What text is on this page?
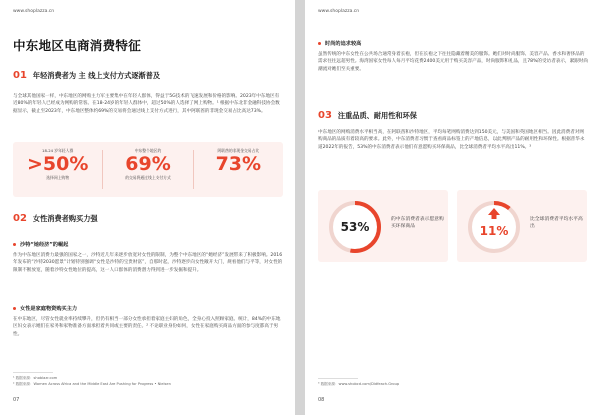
www.shoplazza.cn
中东地区电商消费特征
01 年轻消费者为 主 线上支付方式逐渐普及
与全球其他国家一样，中东地区的网购主力军主要集中在年轻人群体，得益于5G技术的飞速发展和价格的影响。2023年中东地区有近80%的年轻人已经成为网购的常客。在18-24岁的年轻人群体中，超过50%的人选择了网上购物。¹ 根据中东北非金融科技协会数据显示，截止至2023年，中东地区整体约69%的交易将会通过线上支付方式进行，其中阿联酋的非现金交易占比高达73%。
18-24 岁年轻人群
>50%
选择网上购物
中东整个地区约
69%
的交易将通过线上支付方式
阿联酋的非现金交易占比
73%
02 女性消费者购买力强
沙特“她经济”的崛起
作为中东地区消费力最强的国家之一，沙特近几年来逐步放宽对女性的限制，为整个中东地区的“她经济”发展带来了积极影响。2016年发布的“沙特2030愿景”计划特别强调“女性是沙特的宝贵财富”，自那时起，沙特逐步向女性敞开大门，规看他们与平等，对女性的限制不断放宽，随着沙特女性地位的提高，这一人口群体的消费潜力得到进一步发掘和提升。
女性是家庭物资购买主力
在中东地区，尽管女性就业率持续攀升，但仍有相当一部分女性承担着家庭主妇的角色，全身心投入照顾家庭。统计，84%的中东地区妇女表示她们在家务和家物准备方面承担着共同或主要的责任。² 不论职业身份如何，女性在家庭购买商品方面的参与度都高于男性。
¹ 数据来源：shoblazr.com
² 数据来源：Women Across Africa and the Middle East Are Pushing for Progress • Nielsen
07
www.shoplazza.cn
时尚的追求较高
虽然传统的中东女性在公共场合通常身着长袍，但在长袍之下往往隐藏着精美的服饰。她们对时尚服饰、美容产品、香水和奢侈品的需求往往远超男性。海湾国家女性每人每月平均花费2400美元用于购买美容产品，时尚服饰和礼品，且78%的受访者表示，紧跟时尚潮流对她们至关重要。
03 注重品质、耐用性和环保
中东地区的网购消费水平相当高，在阿联酋和沙特地区，平均每笔网购消费达到150美元，与美国和英国地区相当。因此消费者对网购商品的品质有着较高的要求。此外，中东消费者习惯于查看商品标签上的产地信息，以此判断产品的耐用性和环保性。根据普华永道2022年的报告，53%的中东消费者表示他们有意愿购买环保商品，比全球消费者平均水平高出11%。³
53%
的中东消费者表示愿意购买环保商品	11%
比全球消费者平均水平高出
³ 数据来源：www.shobcd.com/Didfeach.Group
08
